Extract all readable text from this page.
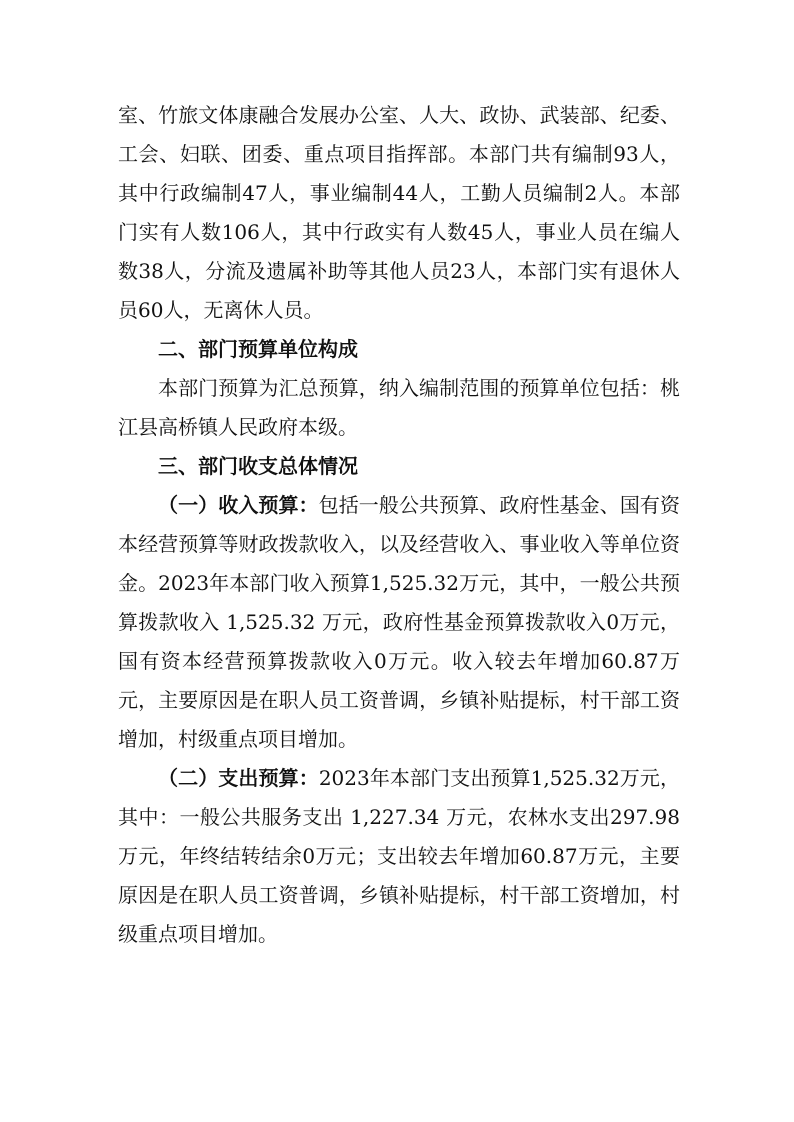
室、竹旅文体康融合发展办公室、人大、政协、武装部、纪委、工会、妇联、团委、重点项目指挥部。本部门共有编制93人，其中行政编制47人，事业编制44人，工勤人员编制2人。本部门实有人数106人，其中行政实有人数45人，事业人员在编人数38人，分流及遗属补助等其他人员23人，本部门实有退休人员60人，无离休人员。

二、部门预算单位构成

本部门预算为汇总预算，纳入编制范围的预算单位包括：桃江县高桥镇人民政府本级。

三、部门收支总体情况

（一）收入预算：包括一般公共预算、政府性基金、国有资本经营预算等财政拨款收入，以及经营收入、事业收入等单位资金。2023年本部门收入预算1,525.32万元，其中，一般公共预算拨款收入 1,525.32 万元，政府性基金预算拨款收入0万元，国有资本经营预算拨款收入0万元。收入较去年增加60.87万元，主要原因是在职人员工资普调，乡镇补贴提标，村干部工资增加，村级重点项目增加。

（二）支出预算：2023年本部门支出预算1,525.32万元，其中：一般公共服务支出 1,227.34 万元，农林水支出297.98万元，年终结转结余0万元；支出较去年增加60.87万元，主要原因是在职人员工资普调，乡镇补贴提标，村干部工资增加，村级重点项目增加。
